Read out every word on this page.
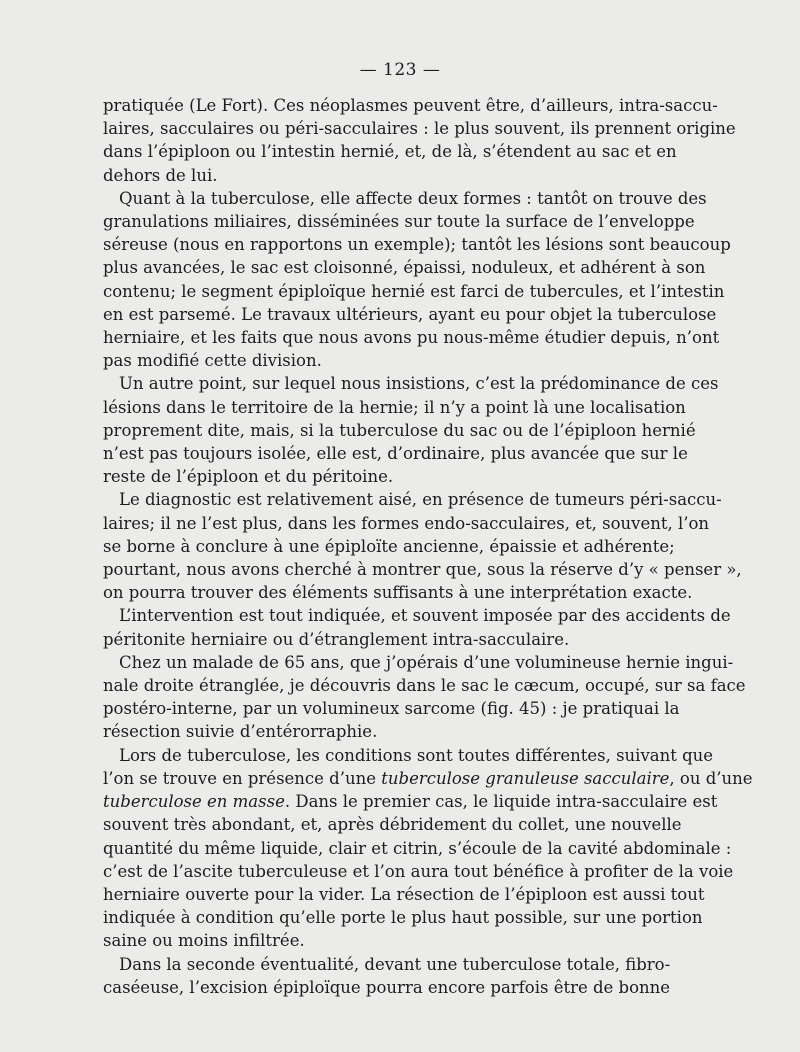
— 123 —

pratiquée (Le Fort). Ces néoplasmes peuvent être, d’ailleurs, intra-saccu-

laires, sacculaires ou péri-sacculaires : le plus souvent, ils prennent origine

dans l’épiploon ou l’intestin hernié, et, de là, s’étendent au sac et en

dehors de lui.

Quant à la tuberculose, elle affecte deux formes : tantôt on trouve des

granulations miliaires, disséminées sur toute la surface de l’enveloppe

séreuse (nous en rapportons un exemple); tantôt les lésions sont beaucoup

plus avancées, le sac est cloisonné, épaissi, noduleux, et adhérent à son

contenu; le segment épiploïque hernié est farci de tubercules, et l’intestin

en est parsemé. Le travaux ultérieurs, ayant eu pour objet la tuberculose

herniaire, et les faits que nous avons pu nous-même étudier depuis, n’ont

pas modifié cette division.

Un autre point, sur lequel nous insistions, c’est la prédominance de ces

lésions dans le territoire de la hernie; il n’y a point là une localisation

proprement dite, mais, si la tuberculose du sac ou de l’épiploon hernié

n’est pas toujours isolée, elle est, d’ordinaire, plus avancée que sur le

reste de l’épiploon et du péritoine.

Le diagnostic est relativement aisé, en présence de tumeurs péri-saccu-

laires; il ne l’est plus, dans les formes endo-sacculaires, et, souvent, l’on

se borne à conclure à une épiploïte ancienne, épaissie et adhérente;

pourtant, nous avons cherché à montrer que, sous la réserve d’y « penser »,

on pourra trouver des éléments suffisants à une interprétation exacte.

L’intervention est tout indiquée, et souvent imposée par des accidents de

péritonite herniaire ou d’étranglement intra-sacculaire.

Chez un malade de 65 ans, que j’opérais d’une volumineuse hernie ingui-

nale droite étranglée, je découvris dans le sac le cæcum, occupé, sur sa face

postéro-interne, par un volumineux sarcome (fig. 45) : je pratiquai la

résection suivie d’entérorraphie.

Lors de tuberculose, les conditions sont toutes différentes, suivant que

l’on se trouve en présence d’une tuberculose granuleuse sacculaire, ou d’une

tuberculose en masse. Dans le premier cas, le liquide intra-sacculaire est

souvent très abondant, et, après débridement du collet, une nouvelle

quantité du même liquide, clair et citrin, s’écoule de la cavité abdominale :

c’est de l’ascite tuberculeuse et l’on aura tout bénéfice à profiter de la voie

herniaire ouverte pour la vider. La résection de l’épiploon est aussi tout

indiquée à condition qu’elle porte le plus haut possible, sur une portion

saine ou moins infiltrée.

Dans la seconde éventualité, devant une tuberculose totale, fibro-

caséeuse, l’excision épiploïque pourra encore parfois être de bonne
